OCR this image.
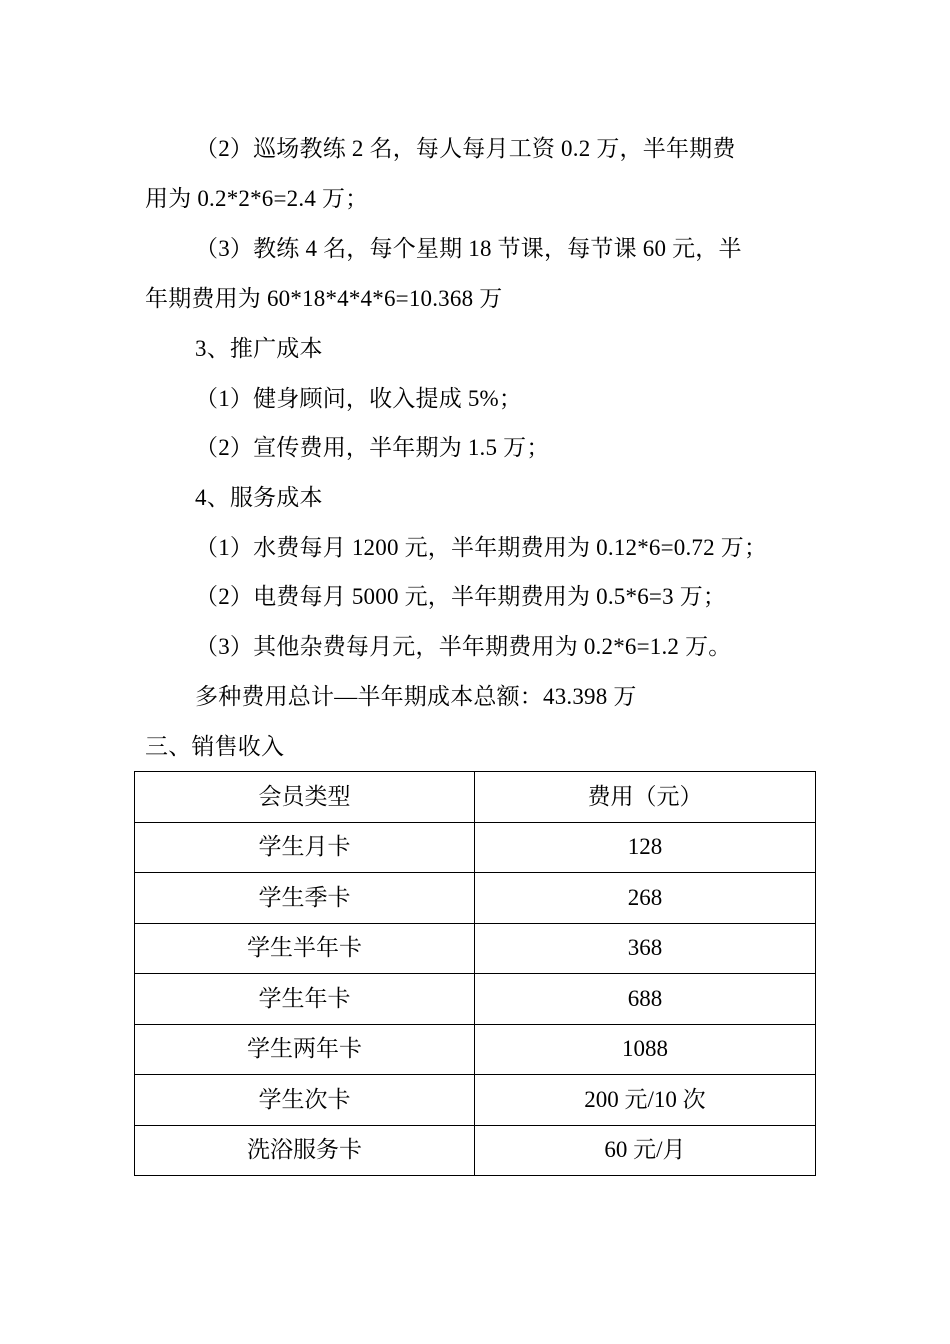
（2）巡场教练 2 名，每人每月工资 0.2 万，半年期费
用为 0.2*2*6=2.4 万；
（3）教练 4 名，每个星期 18 节课，每节课 60 元，半
年期费用为 60*18*4*4*6=10.368 万
3、推广成本
（1）健身顾问，收入提成 5%；
（2）宣传费用，半年期为 1.5 万；
4、服务成本
（1）水费每月 1200 元，半年期费用为 0.12*6=0.72 万；
（2）电费每月 5000 元，半年期费用为 0.5*6=3 万；
（3）其他杂费每月元，半年期费用为 0.2*6=1.2 万。
多种费用总计—半年期成本总额：43.398 万
三、销售收入
会员类型	费用（元）
学生月卡	128
学生季卡	268
学生半年卡	368
学生年卡	688
学生两年卡	1088
学生次卡	200 元/10 次
洗浴服务卡	60 元/月
